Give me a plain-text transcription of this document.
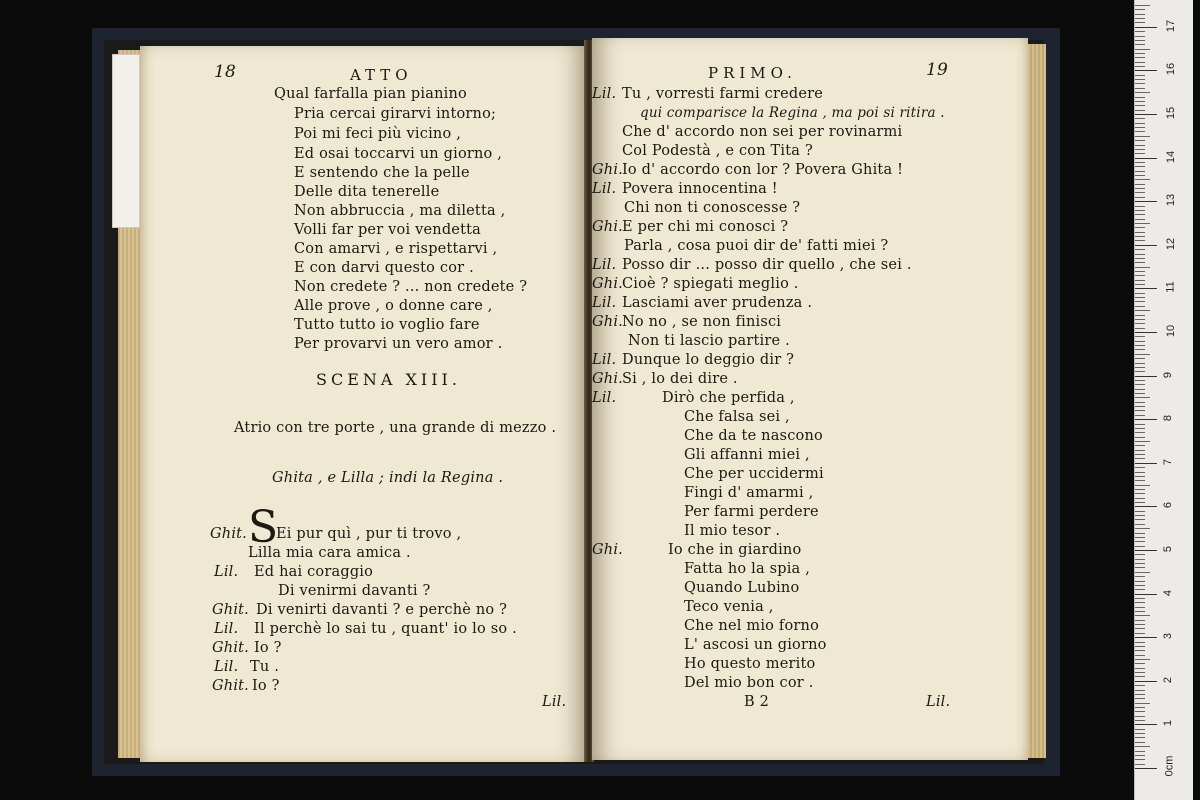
18	ATTO
Qual farfalla pian pianino
Pria cercai girarvi intorno;
Poi mi feci più vicino ,
Ed osai toccarvi un giorno ,
E sentendo che la pelle
Delle dita tenerelle
Non abbruccia , ma diletta ,
Volli far per voi vendetta
Con amarvi , e rispettarvi ,
E con darvi questo cor .
Non credete ? ... non credete ?
Alle prove , o donne care ,
Tutto tutto io voglio fare
Per provarvi un vero amor .
SCENA XIII.
Atrio con tre porte , una grande di mezzo .
Ghita , e Lilla ; indi la Regina .
Ghit. S
Ei pur quì , pur ti trovo ,
Lilla mia cara amica .
Lil. Ed hai coraggio
Di venirmi davanti ?
Ghit. Di venirti davanti ? e perchè no ?
Lil. Il perchè lo sai tu , quant' io lo so .
Ghit. Io ?
Lil. Tu .
Ghit. Io ?
Lil.
PRIMO.	19
Lil. Tu , vorresti farmi credere
qui comparisce la Regina , ma poi si ritira .
Che d' accordo non sei per rovinarmi
Col Podestà , e con Tita ?
Ghi. Io d' accordo con lor ? Povera Ghita !
Lil. Povera innocentina !
Chi non ti conoscesse ?
Ghi. E per chi mi conosci ?
Parla , cosa puoi dir de' fatti miei ?
Lil. Posso dir ... posso dir quello , che sei .
Ghi. Cioè ? spiegati meglio .
Lil. Lasciami aver prudenza .
Ghi. No no , se non finisci
Non ti lascio partire .
Lil. Dunque lo deggio dir ?
Ghi. Si , lo dei dire .
Lil.	Dirò che perfida ,
Che falsa sei ,
Che da te nascono
Gli affanni miei ,
Che per uccidermi
Fingi d' amarmi ,
Per farmi perdere
Il mio tesor .
Ghi.	Io che in giardino
Fatta ho la spia ,
Quando Lubino
Teco venia ,
Che nel mio forno
L' ascosi un giorno
Ho questo merito
Del mio bon cor .
B 2	Lil.
1
2
3
4
5
6
7
8
9
10
11
12
13
14
15
16
17
0cm
